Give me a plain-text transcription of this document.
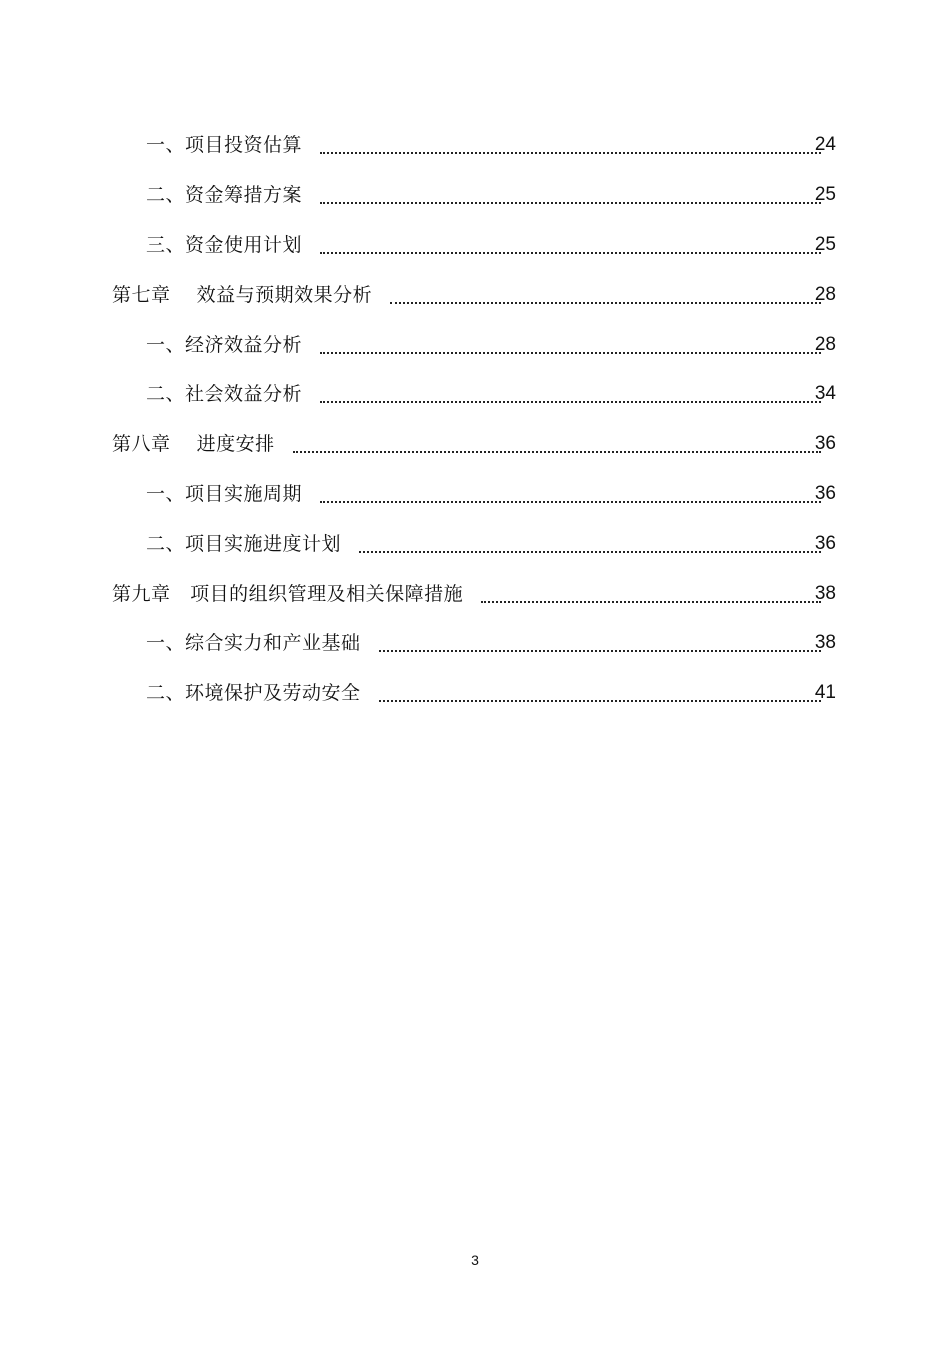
一、项目投资估算	24
二、资金筹措方案	25
三、资金使用计划	25
第七章    效益与预期效果分析	28
一、经济效益分析	28
二、社会效益分析	34
第八章    进度安排	36
一、项目实施周期	36
二、项目实施进度计划	36
第九章   项目的组织管理及相关保障措施	38
一、综合实力和产业基础	38
二、环境保护及劳动安全	41
3
